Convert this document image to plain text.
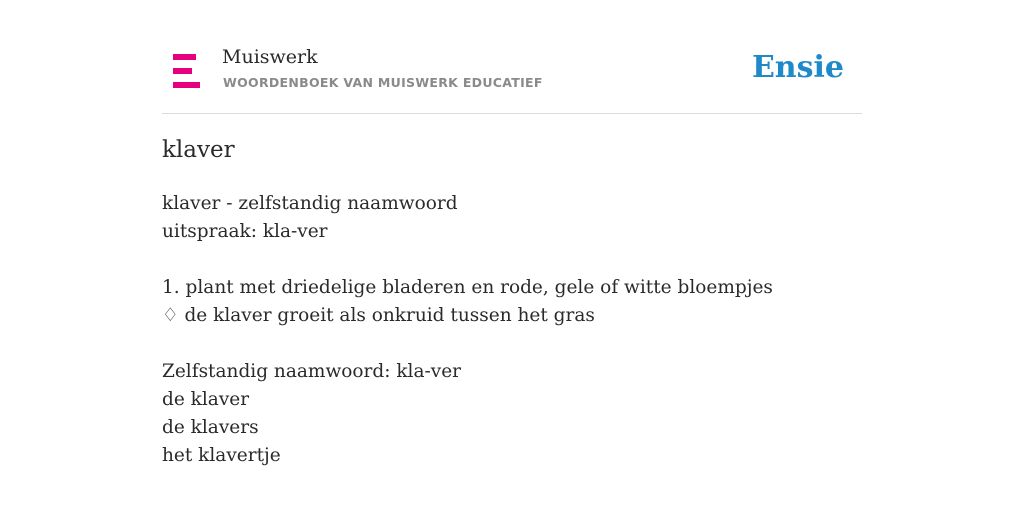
Muiswerk
WOORDENBOEK VAN MUISWERK EDUCATIEF	Ensie
klaver
klaver - zelfstandig naamwoord
uitspraak: kla-ver
1. plant met driedelige bladeren en rode, gele of witte bloempjes
♢ de klaver groeit als onkruid tussen het gras
Zelfstandig naamwoord: kla-ver
de klaver
de klavers
het klavertje
